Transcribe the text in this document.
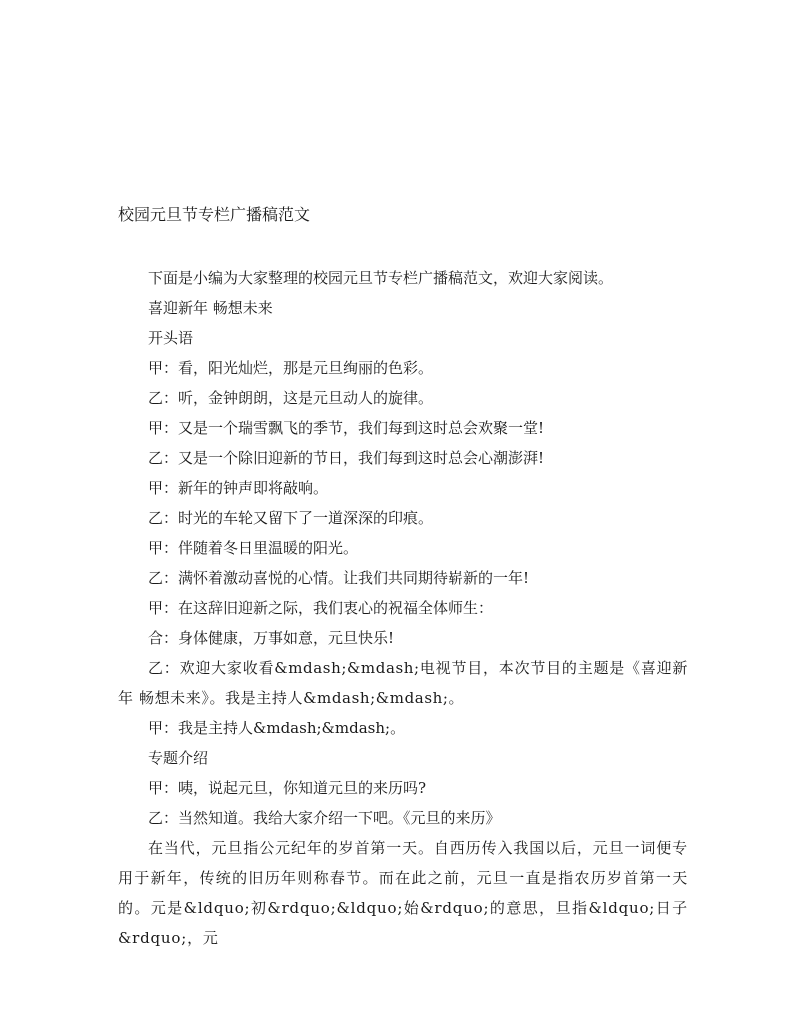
校园元旦节专栏广播稿范文

下面是小编为大家整理的校园元旦节专栏广播稿范文，欢迎大家阅读。

喜迎新年 畅想未来

开头语

甲：看，阳光灿烂，那是元旦绚丽的色彩。

乙：听，金钟朗朗，这是元旦动人的旋律。

甲：又是一个瑞雪飘飞的季节，我们每到这时总会欢聚一堂!

乙：又是一个除旧迎新的节日，我们每到这时总会心潮澎湃!

甲：新年的钟声即将敲响。

乙：时光的车轮又留下了一道深深的印痕。

甲：伴随着冬日里温暖的阳光。

乙：满怀着激动喜悦的心情。让我们共同期待崭新的一年!

甲：在这辞旧迎新之际，我们衷心的祝福全体师生：

合：身体健康，万事如意，元旦快乐!

乙：欢迎大家收看&mdash;&mdash;电视节目，本次节目的主题是《喜迎新年 畅想未来》。我是主持人&mdash;&mdash;。

甲：我是主持人&mdash;&mdash;。

专题介绍

甲：咦，说起元旦，你知道元旦的来历吗?

乙：当然知道。我给大家介绍一下吧。《元旦的来历》

在当代，元旦指公元纪年的岁首第一天。自西历传入我国以后，元旦一词便专用于新年，传统的旧历年则称春节。而在此之前，元旦一直是指农历岁首第一天的。元是&ldquo;初&rdquo;&ldquo;始&rdquo;的意思，旦指&ldquo;日子&rdquo;，元
